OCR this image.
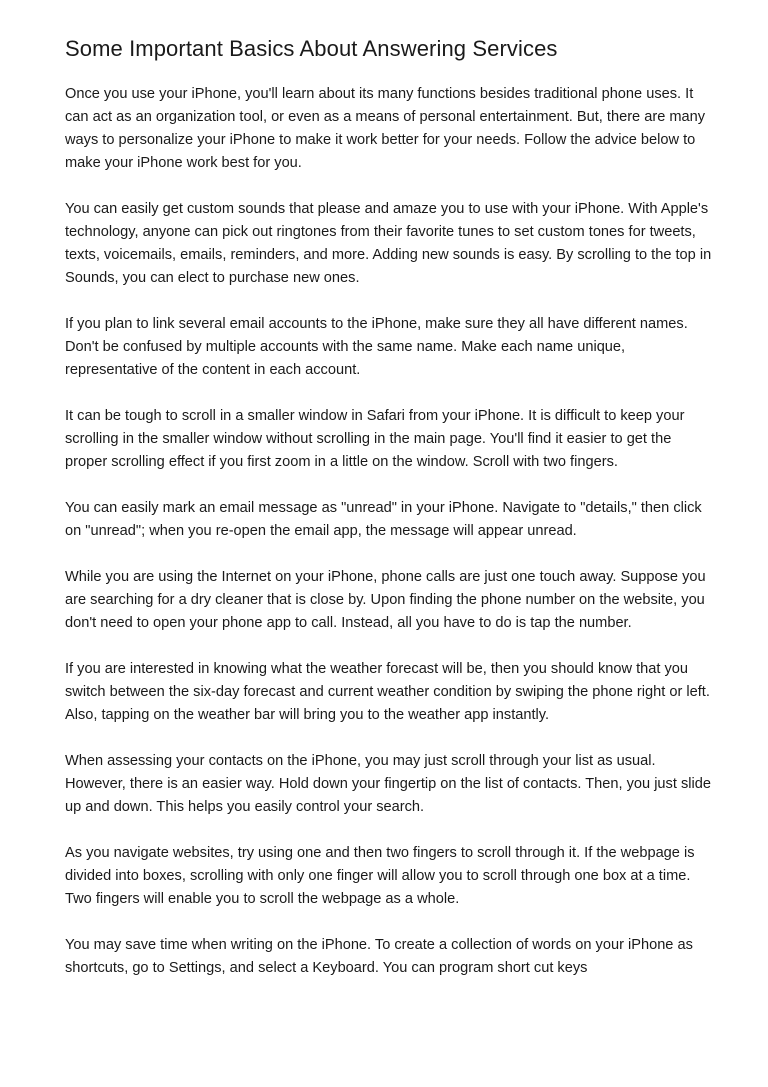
Some Important Basics About Answering Services

Once you use your iPhone, you'll learn about its many functions besides traditional phone uses. It can act as an organization tool, or even as a means of personal entertainment. But, there are many ways to personalize your iPhone to make it work better for your needs. Follow the advice below to make your iPhone work best for you.

You can easily get custom sounds that please and amaze you to use with your iPhone. With Apple's technology, anyone can pick out ringtones from their favorite tunes to set custom tones for tweets, texts, voicemails, emails, reminders, and more. Adding new sounds is easy. By scrolling to the top in Sounds, you can elect to purchase new ones.

If you plan to link several email accounts to the iPhone, make sure they all have different names. Don't be confused by multiple accounts with the same name. Make each name unique, representative of the content in each account.

It can be tough to scroll in a smaller window in Safari from your iPhone. It is difficult to keep your scrolling in the smaller window without scrolling in the main page. You'll find it easier to get the proper scrolling effect if you first zoom in a little on the window. Scroll with two fingers.

You can easily mark an email message as "unread" in your iPhone. Navigate to "details," then click on "unread"; when you re-open the email app, the message will appear unread.

While you are using the Internet on your iPhone, phone calls are just one touch away. Suppose you are searching for a dry cleaner that is close by. Upon finding the phone number on the website, you don't need to open your phone app to call. Instead, all you have to do is tap the number.

If you are interested in knowing what the weather forecast will be, then you should know that you switch between the six-day forecast and current weather condition by swiping the phone right or left. Also, tapping on the weather bar will bring you to the weather app instantly.

When assessing your contacts on the iPhone, you may just scroll through your list as usual. However, there is an easier way. Hold down your fingertip on the list of contacts. Then, you just slide up and down. This helps you easily control your search.

As you navigate websites, try using one and then two fingers to scroll through it. If the webpage is divided into boxes, scrolling with only one finger will allow you to scroll through one box at a time. Two fingers will enable you to scroll the webpage as a whole.

You may save time when writing on the iPhone. To create a collection of words on your iPhone as shortcuts, go to Settings, and select a Keyboard. You can program short cut keys
